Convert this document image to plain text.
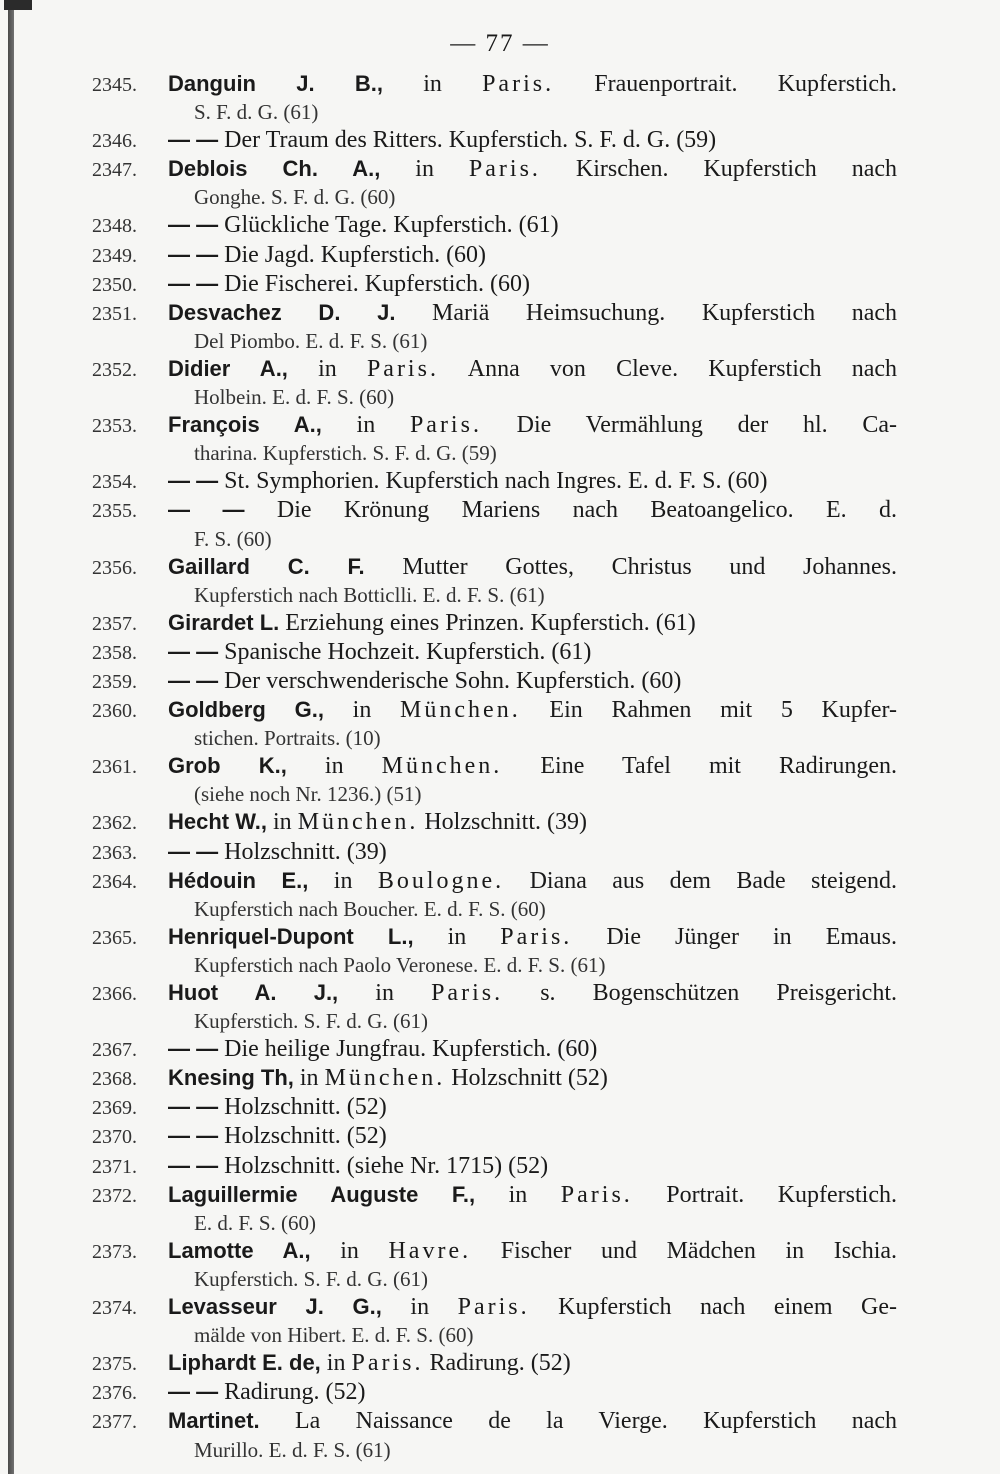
— 77 —
2345. Danguin J. B., in Paris. Frauenportrait. Kupferstich.
S. F. d. G. (61)
2346. — — Der Traum des Ritters. Kupferstich. S. F. d. G. (59)
2347. Deblois Ch. A., in Paris. Kirschen. Kupferstich nach
Gonghe. S. F. d. G. (60)
2348. — — Glückliche Tage. Kupferstich. (61)
2349. — — Die Jagd. Kupferstich. (60)
2350. — — Die Fischerei. Kupferstich. (60)
2351. Desvachez D. J. Mariä Heimsuchung. Kupferstich nach
Del Piombo. E. d. F. S. (61)
2352. Didier A., in Paris. Anna von Cleve. Kupferstich nach
Holbein. E. d. F. S. (60)
2353. François A., in Paris. Die Vermählung der hl. Ca-
tharina. Kupferstich. S. F. d. G. (59)
2354. — — St. Symphorien. Kupferstich nach Ingres. E. d. F. S. (60)
2355. — — Die Krönung Mariens nach Beatoangelico. E. d.
F. S. (60)
2356. Gaillard C. F. Mutter Gottes, Christus und Johannes.
Kupferstich nach Botticlli. E. d. F. S. (61)
2357. Girardet L. Erziehung eines Prinzen. Kupferstich. (61)
2358. — — Spanische Hochzeit. Kupferstich. (61)
2359. — — Der verschwenderische Sohn. Kupferstich. (60)
2360. Goldberg G., in München. Ein Rahmen mit 5 Kupfer-
stichen. Portraits. (10)
2361. Grob K., in München. Eine Tafel mit Radirungen.
(siehe noch Nr. 1236.) (51)
2362. Hecht W., in München. Holzschnitt. (39)
2363. — — Holzschnitt. (39)
2364. Hédouin E., in Boulogne. Diana aus dem Bade steigend.
Kupferstich nach Boucher. E. d. F. S. (60)
2365. Henriquel-Dupont L., in Paris. Die Jünger in Emaus.
Kupferstich nach Paolo Veronese. E. d. F. S. (61)
2366. Huot A. J., in Paris. s. Bogenschützen Preisgericht.
Kupferstich. S. F. d. G. (61)
2367. — — Die heilige Jungfrau. Kupferstich. (60)
2368. Knesing Th, in München. Holzschnitt (52)
2369. — — Holzschnitt. (52)
2370. — — Holzschnitt. (52)
2371. — — Holzschnitt. (siehe Nr. 1715) (52)
2372. Laguillermie Auguste F., in Paris. Portrait. Kupferstich.
E. d. F. S. (60)
2373. Lamotte A., in Havre. Fischer und Mädchen in Ischia.
Kupferstich. S. F. d. G. (61)
2374. Levasseur J. G., in Paris. Kupferstich nach einem Ge-
mälde von Hibert. E. d. F. S. (60)
2375. Liphardt E. de, in Paris. Radirung. (52)
2376. — — Radirung. (52)
2377. Martinet. La Naissance de la Vierge. Kupferstich nach
Murillo. E. d. F. S. (61)
